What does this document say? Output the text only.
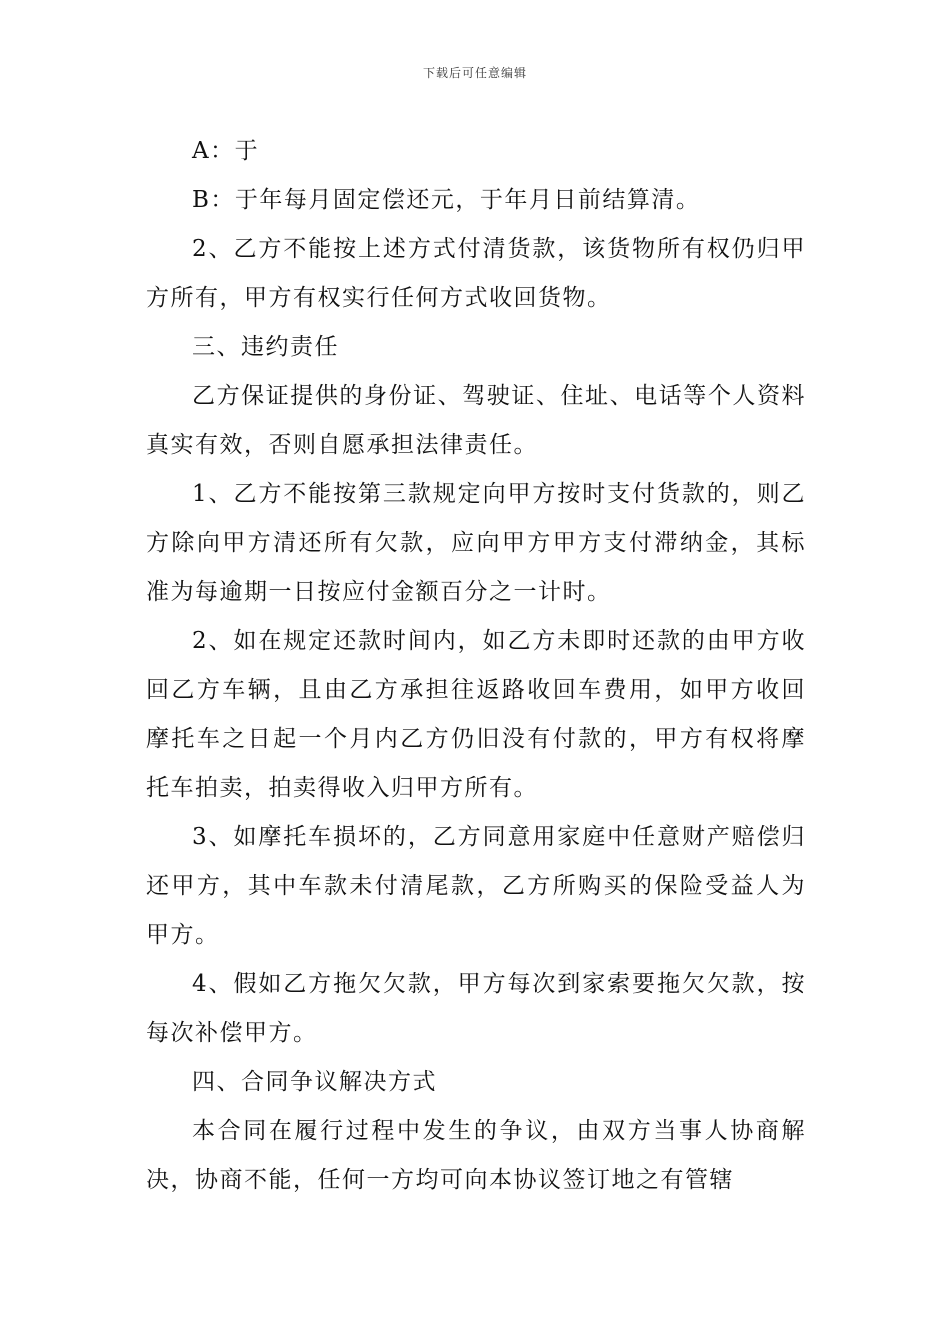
下载后可任意编辑

A：于

B：于年每月固定偿还元，于年月日前结算清。

2、乙方不能按上述方式付清货款，该货物所有权仍归甲方所有，甲方有权实行任何方式收回货物。

三、违约责任

乙方保证提供的身份证、驾驶证、住址、电话等个人资料真实有效，否则自愿承担法律责任。

1、乙方不能按第三款规定向甲方按时支付货款的，则乙方除向甲方清还所有欠款，应向甲方甲方支付滞纳金，其标准为每逾期一日按应付金额百分之一计时。

2、如在规定还款时间内，如乙方未即时还款的由甲方收回乙方车辆，且由乙方承担往返路收回车费用，如甲方收回摩托车之日起一个月内乙方仍旧没有付款的，甲方有权将摩托车拍卖，拍卖得收入归甲方所有。

3、如摩托车损坏的，乙方同意用家庭中任意财产赔偿归还甲方，其中车款未付清尾款，乙方所购买的保险受益人为甲方。

4、假如乙方拖欠欠款，甲方每次到家索要拖欠欠款，按每次补偿甲方。

四、合同争议解决方式

本合同在履行过程中发生的争议，由双方当事人协商解决，协商不能，任何一方均可向本协议签订地之有管辖
